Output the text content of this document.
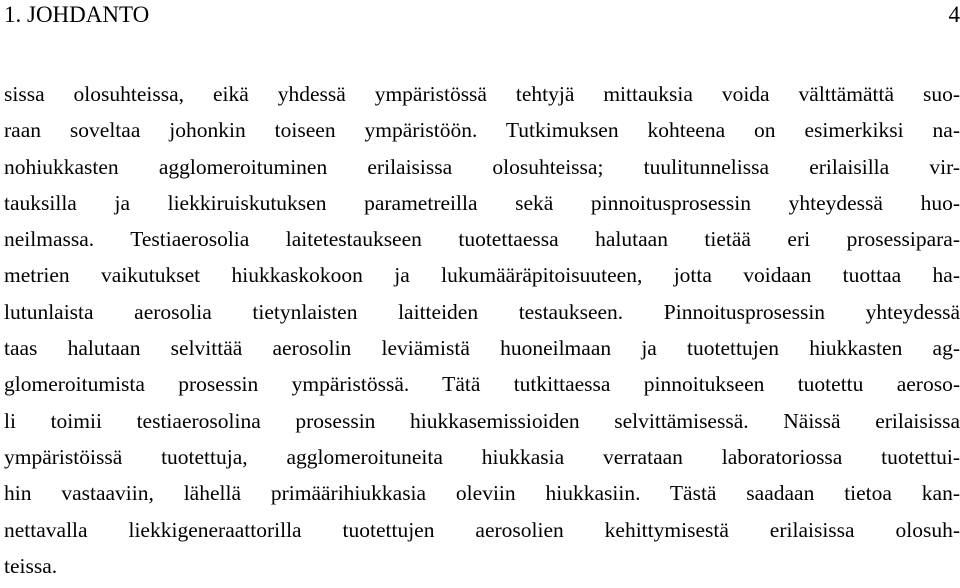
1. JOHDANTO	4
sissa olosuhteissa, eikä yhdessä ympäristössä tehtyjä mittauksia voida välttämättä suo-
raan soveltaa johonkin toiseen ympäristöön. Tutkimuksen kohteena on esimerkiksi na-
nohiukkasten agglomeroituminen erilaisissa olosuhteissa; tuulitunnelissa erilaisilla vir-
tauksilla ja liekkiruiskutuksen parametreilla sekä pinnoitusprosessin yhteydessä huo-
neilmassa. Testiaerosolia laitetestaukseen tuotettaessa halutaan tietää eri prosessipara-
metrien vaikutukset hiukkaskokoon ja lukumääräpitoisuuteen, jotta voidaan tuottaa ha-
lutunlaista aerosolia tietynlaisten laitteiden testaukseen. Pinnoitusprosessin yhteydessä
taas halutaan selvittää aerosolin leviämistä huoneilmaan ja tuotettujen hiukkasten ag-
glomeroitumista prosessin ympäristössä. Tätä tutkittaessa pinnoitukseen tuotettu aeroso-
li toimii testiaerosolina prosessin hiukkasemissioiden selvittämisessä. Näissä erilaisissa
ympäristöissä tuotettuja, agglomeroituneita hiukkasia verrataan laboratoriossa tuotettui-
hin vastaaviin, lähellä primäärihiukkasia oleviin hiukkasiin. Tästä saadaan tietoa kan-
nettavalla liekkigeneraattorilla tuotettujen aerosolien kehittymisestä erilaisissa olosuh-
teissa.
